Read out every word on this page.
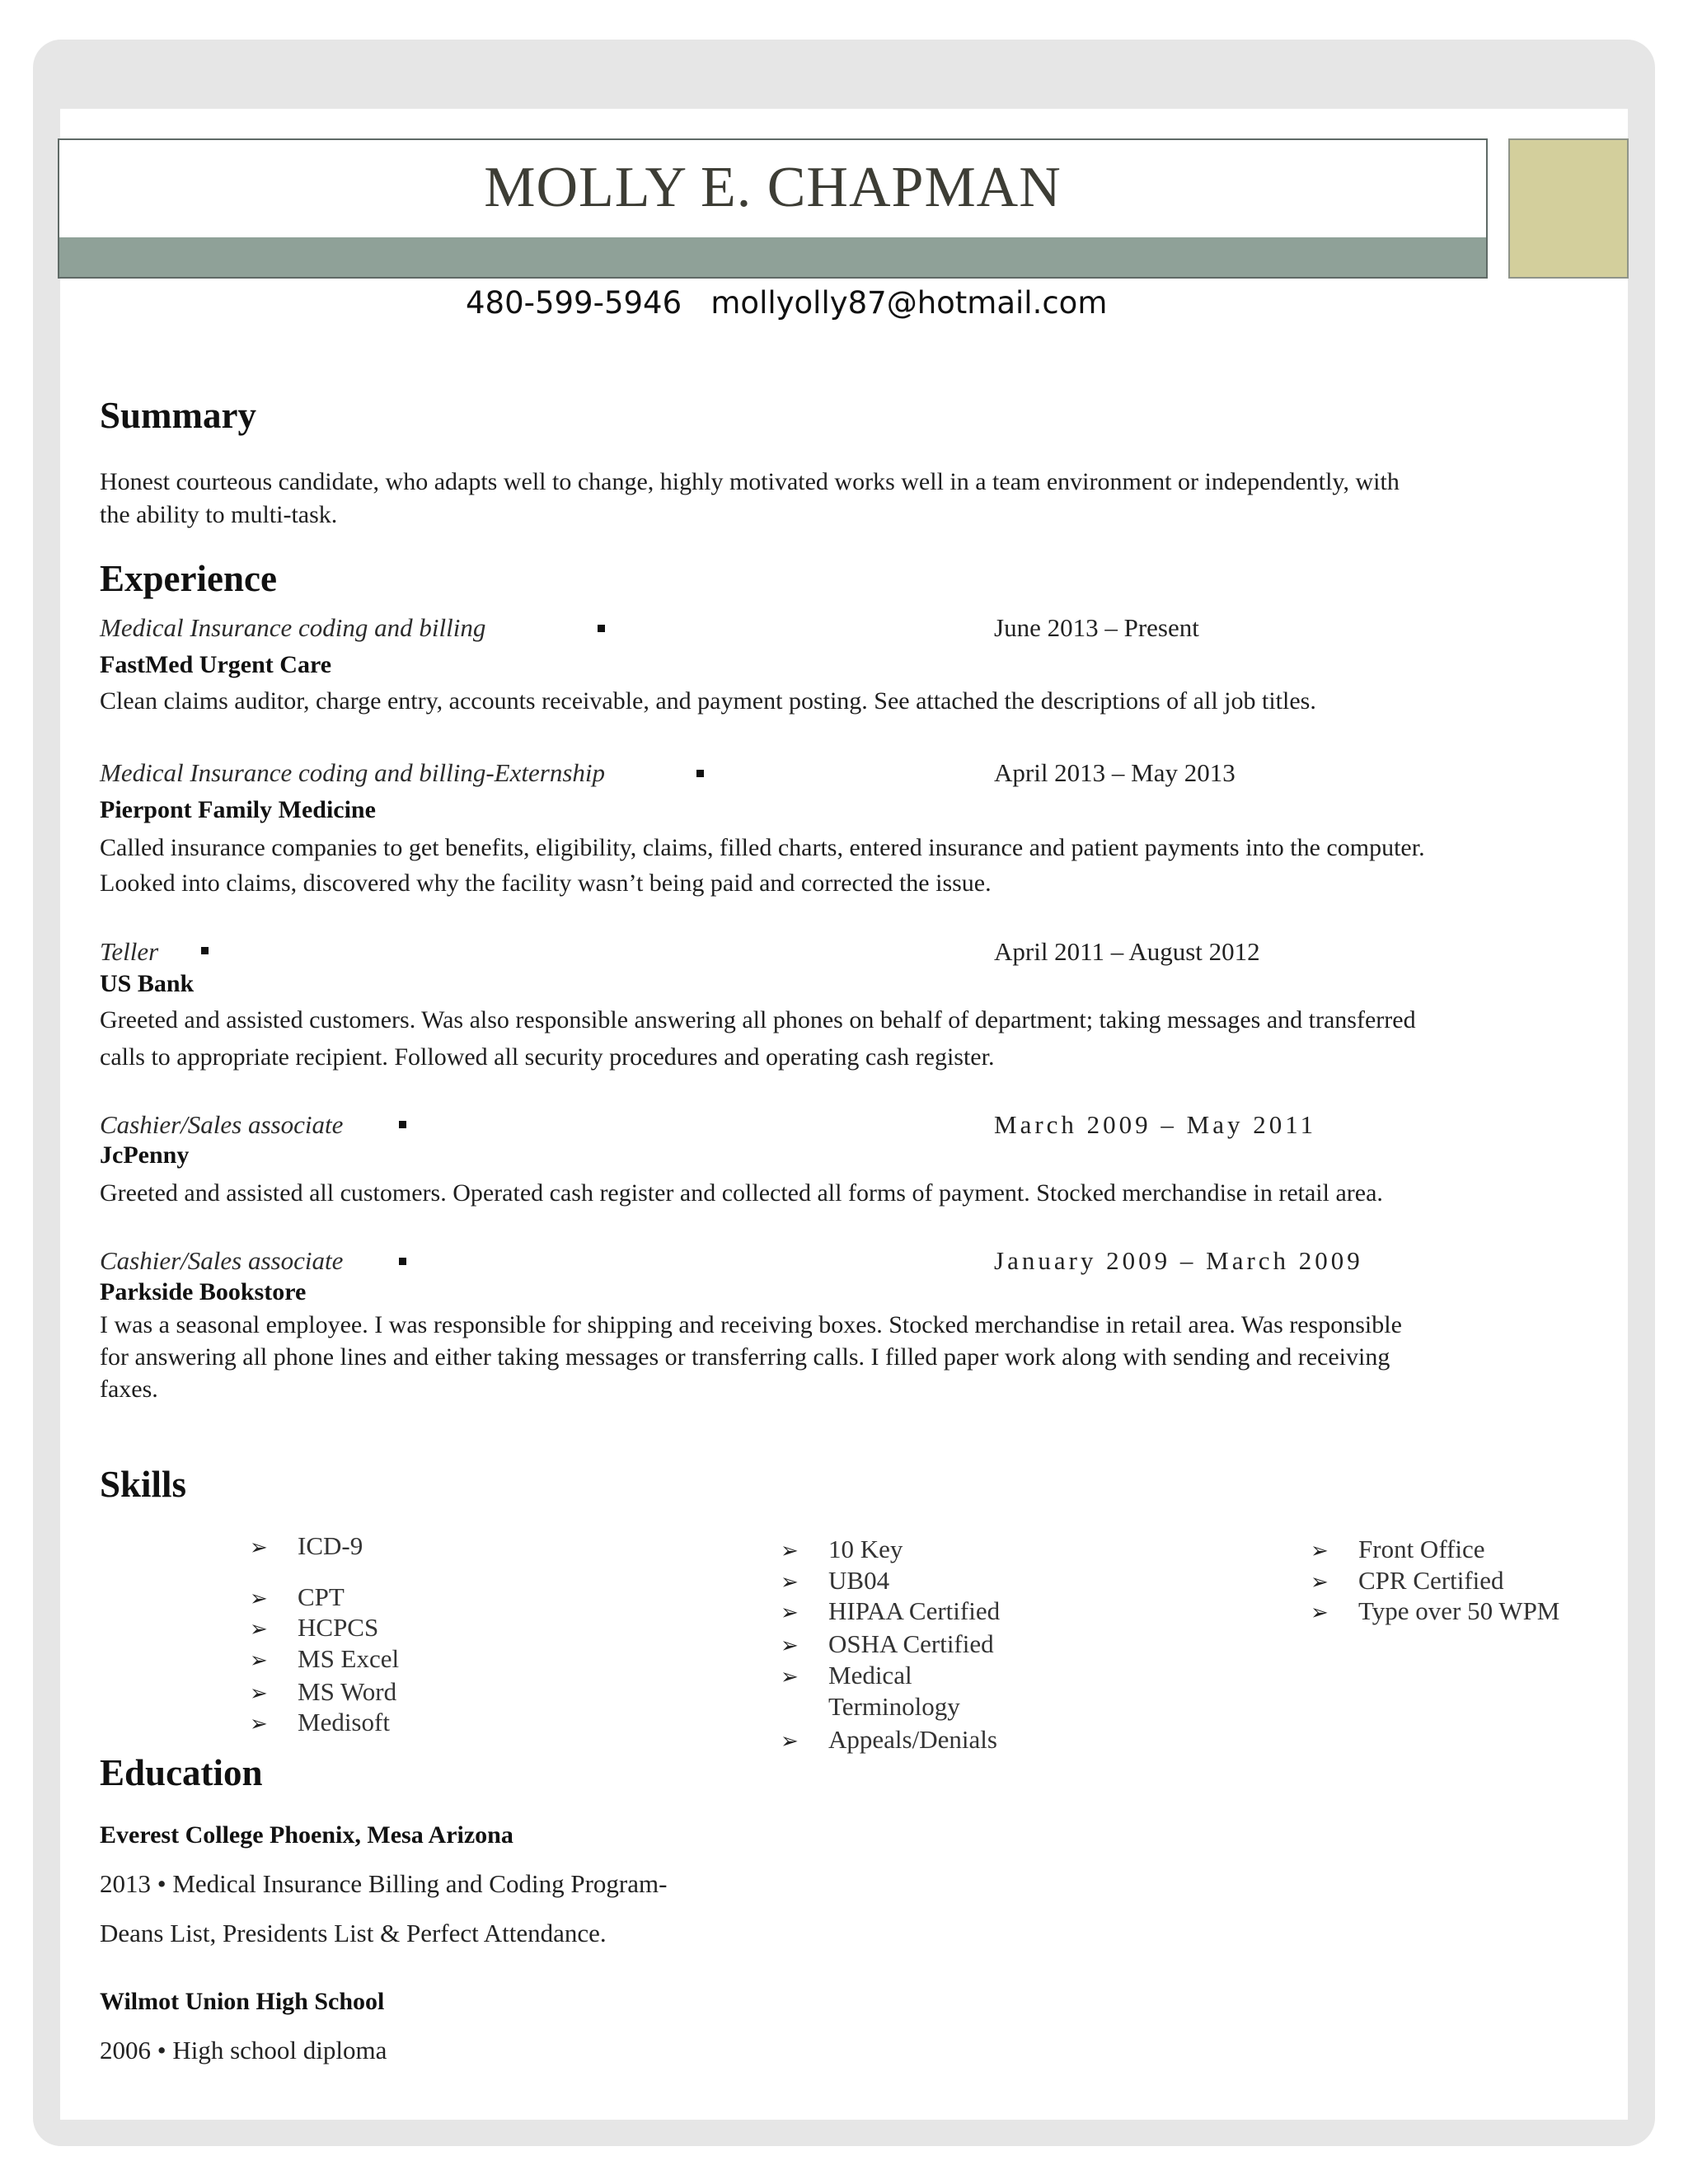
MOLLY E. CHAPMAN
480-599-5946   mollyolly87@hotmail.com
Summary
Honest courteous candidate, who adapts well to change, highly motivated works well in a team environment or independently, with
the ability to multi-task.
Experience
Medical Insurance coding and billing	June 2013 – Present
FastMed Urgent Care
Clean claims auditor, charge entry, accounts receivable, and payment posting. See attached the descriptions of all job titles.
Medical Insurance coding and billing-Externship	April 2013 – May 2013
Pierpont Family Medicine
Called insurance companies to get benefits, eligibility, claims, filled charts, entered insurance and patient payments into the computer.
Looked into claims, discovered why the facility wasn’t being paid and corrected the issue.
Teller	April 2011 – August 2012
US Bank
Greeted and assisted customers. Was also responsible answering all phones on behalf of department; taking messages and transferred
calls to appropriate recipient. Followed all security procedures and operating cash register.
Cashier/Sales associate	March 2009 – May 2011
JcPenny
Greeted and assisted all customers. Operated cash register and collected all forms of payment. Stocked merchandise in retail area.
Cashier/Sales associate	January 2009 – March 2009
Parkside Bookstore
I was a seasonal employee. I was responsible for shipping and receiving boxes. Stocked merchandise in retail area. Was responsible
for answering all phone lines and either taking messages or transferring calls. I filled paper work along with sending and receiving
faxes.
Skills
➢ ICD-9
➢ CPT
➢ HCPCS
➢ MS Excel
➢ MS Word
➢ Medisoft
➢ 10 Key
➢ UB04
➢ HIPAA Certified
➢ OSHA Certified
➢ Medical
Terminology
➢ Appeals/Denials
➢ Front Office
➢ CPR Certified
➢ Type over 50 WPM
Education
Everest College Phoenix, Mesa Arizona
2013 • Medical Insurance Billing and Coding Program-
Deans List, Presidents List & Perfect Attendance.
Wilmot Union High School
2006 • High school diploma
